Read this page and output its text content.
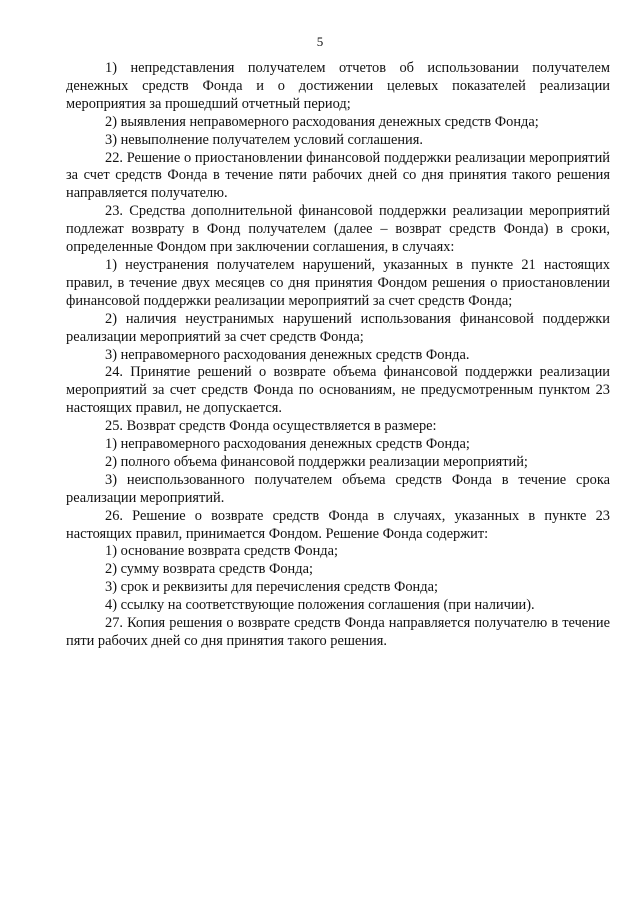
5

1) непредставления получателем отчетов об использовании получателем денежных средств Фонда и о достижении целевых показателей реализации мероприятия за прошедший отчетный период;

2) выявления неправомерного расходования денежных средств Фонда;

3) невыполнение получателем условий соглашения.

22. Решение о приостановлении финансовой поддержки реализации мероприятий за счет средств Фонда в течение пяти рабочих дней со дня принятия такого решения направляется получателю.

23. Средства дополнительной финансовой поддержки реализации мероприятий подлежат возврату в Фонд получателем (далее – возврат средств Фонда) в сроки, определенные Фондом при заключении соглашения, в случаях:

1) неустранения получателем нарушений, указанных в пункте 21 настоящих правил, в течение двух месяцев со дня принятия Фондом решения о приостановлении финансовой поддержки реализации мероприятий за счет средств Фонда;

2) наличия неустранимых нарушений использования финансовой поддержки реализации мероприятий за счет средств Фонда;

3) неправомерного расходования денежных средств Фонда.

24. Принятие решений о возврате объема финансовой поддержки реализации мероприятий за счет средств Фонда по основаниям, не предусмотренным пунктом 23 настоящих правил, не допускается.

25. Возврат средств Фонда осуществляется в размере:

1) неправомерного расходования денежных средств Фонда;

2) полного объема финансовой поддержки реализации мероприятий;

3) неиспользованного получателем объема средств Фонда в течение срока реализации мероприятий.

26. Решение о возврате средств Фонда в случаях, указанных в пункте 23 настоящих правил, принимается Фондом. Решение Фонда содержит:

1) основание возврата средств Фонда;

2) сумму возврата средств Фонда;

3) срок и реквизиты для перечисления средств Фонда;

4) ссылку на соответствующие положения соглашения (при наличии).

27. Копия решения о возврате средств Фонда направляется получателю в течение пяти рабочих дней со дня принятия такого решения.
